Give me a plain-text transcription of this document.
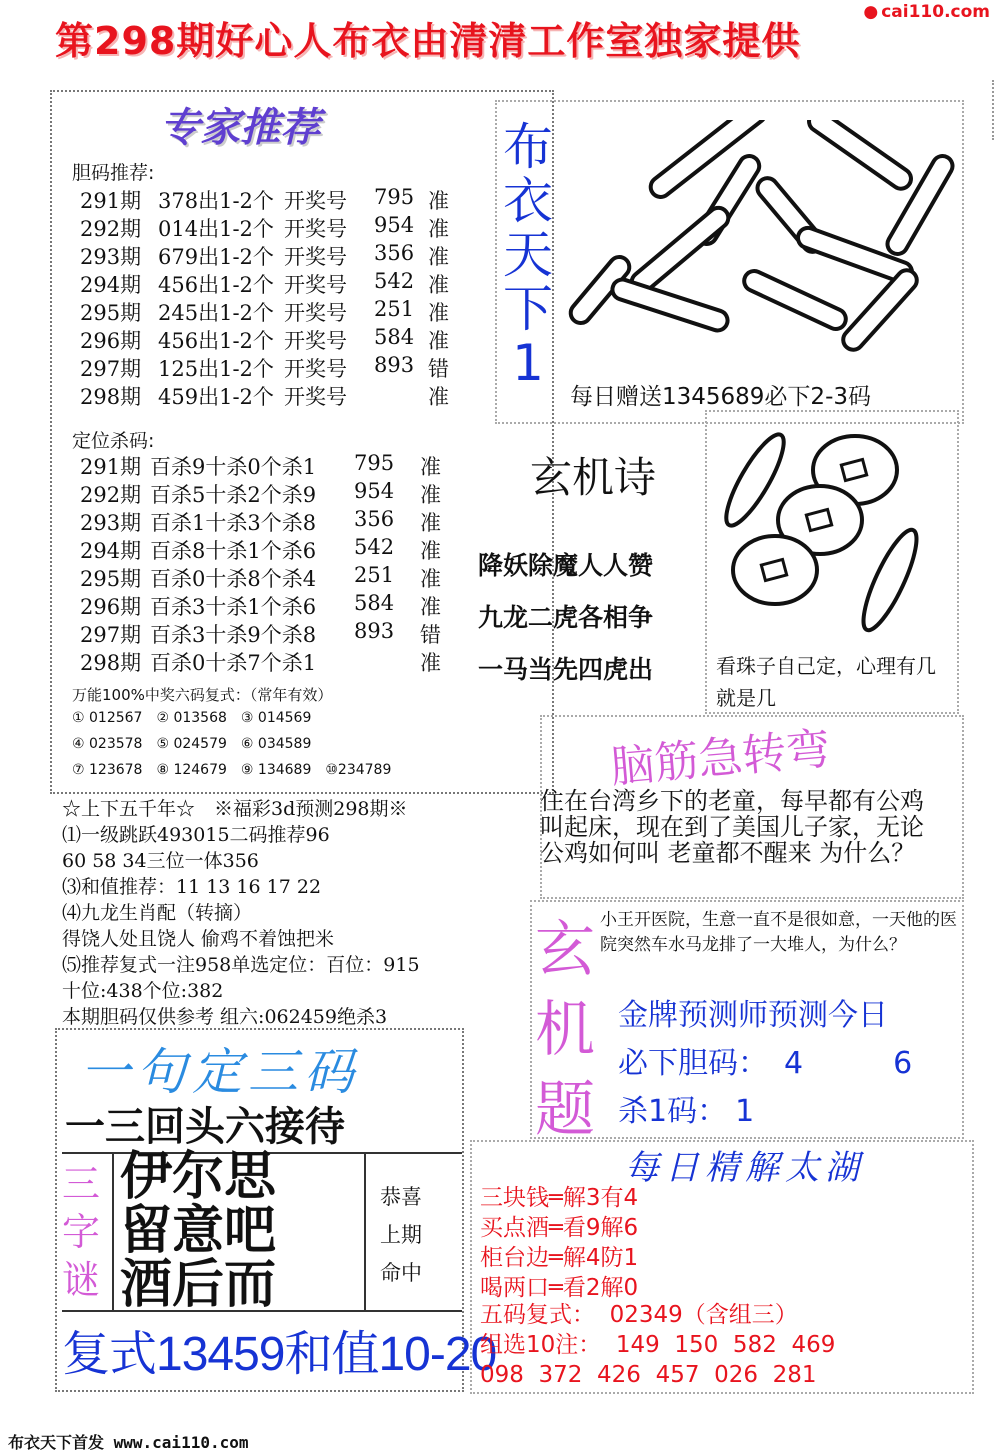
第298期好心人布衣由清清工作室独家提供
● cai110.com
专家推荐
胆码推荐:
291期 378出1-2个 开奖号	795 准
292期 014出1-2个 开奖号	954 准
293期 679出1-2个 开奖号	356 准
294期 456出1-2个 开奖号	542 准
295期 245出1-2个 开奖号	251 准
296期 456出1-2个 开奖号	584 准
297期 125出1-2个 开奖号	893 错
298期 459出1-2个 开奖号	准
定位杀码:
291期 百杀9十杀0个杀1	795	准
292期 百杀5十杀2个杀9	954	准
293期 百杀1十杀3个杀8	356	准
294期 百杀8十杀1个杀6	542	准
295期 百杀0十杀8个杀4	251	准
296期 百杀3十杀1个杀6	584	准
297期 百杀3十杀9个杀8	893	错
298期 百杀0十杀7个杀1	准
万能100%中奖六码复式：（常年有效）
① 012567 ② 013568 ③ 014569
④ 023578 ⑤ 024579 ⑥ 034589
⑦ 123678 ⑧ 124679 ⑨ 134689 ⑩234789
☆上下五千年☆　※福彩3d预测298期※
⑴一级跳跃493015二码推荐96
60 58 34三位一体356
⑶和值推荐：11 13 16 17 22
⑷九龙生肖配（转摘）
得饶人处且饶人 偷鸡不着蚀把米
⑸推荐复式一注958单选定位：百位：915
十位:438个位:382
本期胆码仅供参考 组六:062459绝杀3
一句定三码
一三回头六接待
三
字
谜
伊尔思
留意吧
酒后而
恭喜
上期
命中
复式13459和值10-20
布
衣
天
下
1
每日赠送1345689必下2-3码
玄机诗
降妖除魔人人赞
九龙二虎各相争
一马当先四虎出	看珠子自己定，心理有几就是几
脑筋急转弯
住在台湾乡下的老童，每早都有公鸡叫起床，现在到了美国儿子家，无论公鸡如何叫 老童都不醒来 为什么？
玄
机
题
小王开医院，生意一直不是很如意，一天他的医院突然车水马龙排了一大堆人，为什么？
金牌预测师预测今日
必下胆码： 4	6
杀1码： 1
每日精解太湖
三块钱═解3有4
买点酒═看9解6
柜台边═解4防1
喝两口═看2解0
五码复式：  02349（含组三）
组选10注：  149  150  582  469
098  372  426  457  026  281
布衣天下首发 www.cai110.com
